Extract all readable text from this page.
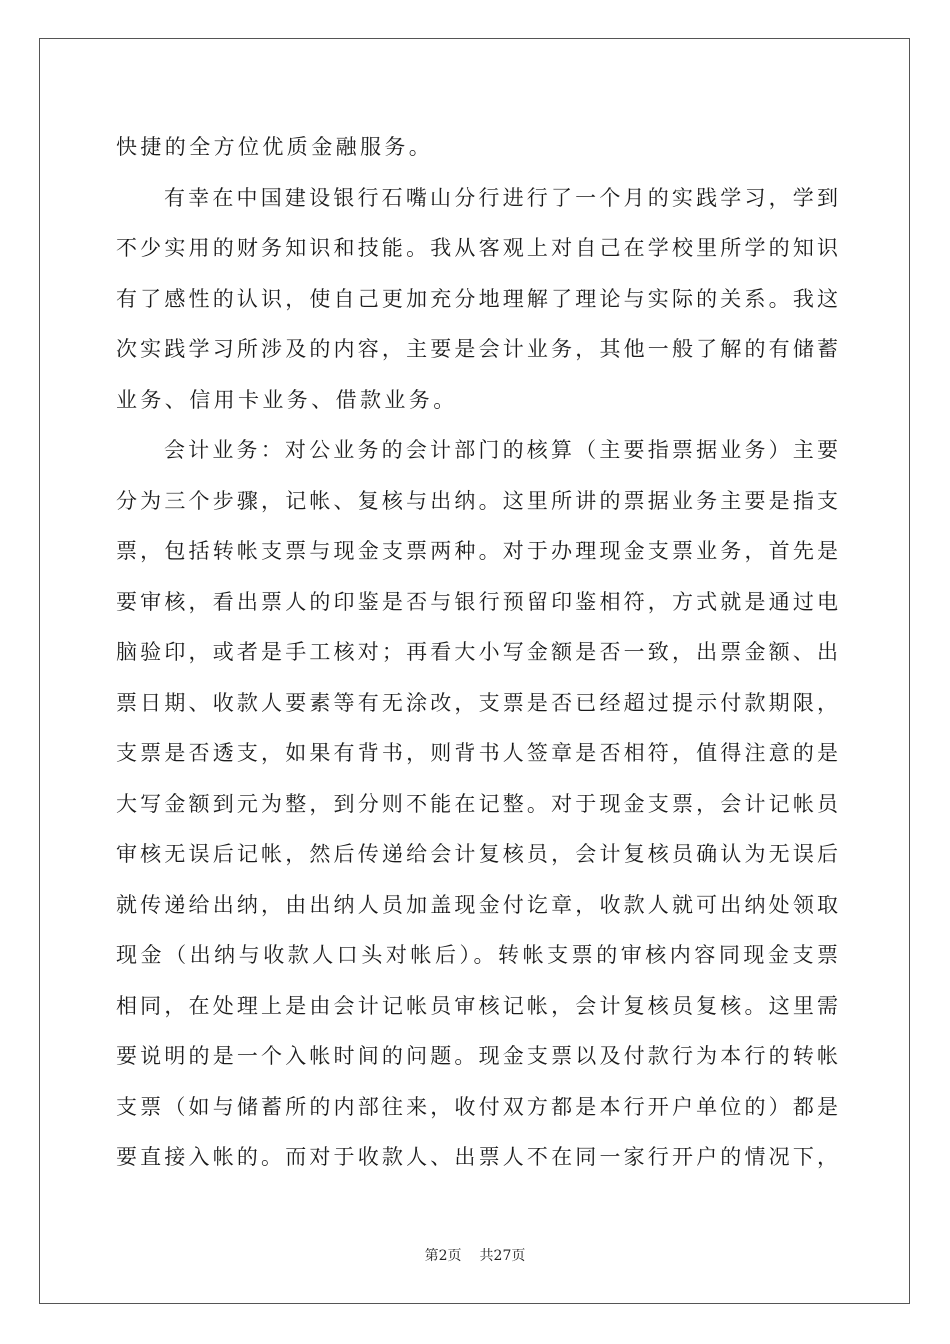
快捷的全方位优质金融服务。
有幸在中国建设银行石嘴山分行进行了一个月的实践学习，学到
不少实用的财务知识和技能。我从客观上对自己在学校里所学的知识
有了感性的认识，使自己更加充分地理解了理论与实际的关系。我这
次实践学习所涉及的内容，主要是会计业务，其他一般了解的有储蓄
业务、信用卡业务、借款业务。
会计业务：对公业务的会计部门的核算（主要指票据业务）主要
分为三个步骤，记帐、复核与出纳。这里所讲的票据业务主要是指支
票，包括转帐支票与现金支票两种。对于办理现金支票业务，首先是
要审核，看出票人的印鉴是否与银行预留印鉴相符，方式就是通过电
脑验印，或者是手工核对；再看大小写金额是否一致，出票金额、出
票日期、收款人要素等有无涂改，支票是否已经超过提示付款期限，
支票是否透支，如果有背书，则背书人签章是否相符，值得注意的是
大写金额到元为整，到分则不能在记整。对于现金支票，会计记帐员
审核无误后记帐，然后传递给会计复核员，会计复核员确认为无误后
就传递给出纳，由出纳人员加盖现金付讫章，收款人就可出纳处领取
现金（出纳与收款人口头对帐后）。转帐支票的审核内容同现金支票
相同，在处理上是由会计记帐员审核记帐，会计复核员复核。这里需
要说明的是一个入帐时间的问题。现金支票以及付款行为本行的转帐
支票（如与储蓄所的内部往来，收付双方都是本行开户单位的）都是
要直接入帐的。而对于收款人、出票人不在同一家行开户的情况下，
第2页 共27页
